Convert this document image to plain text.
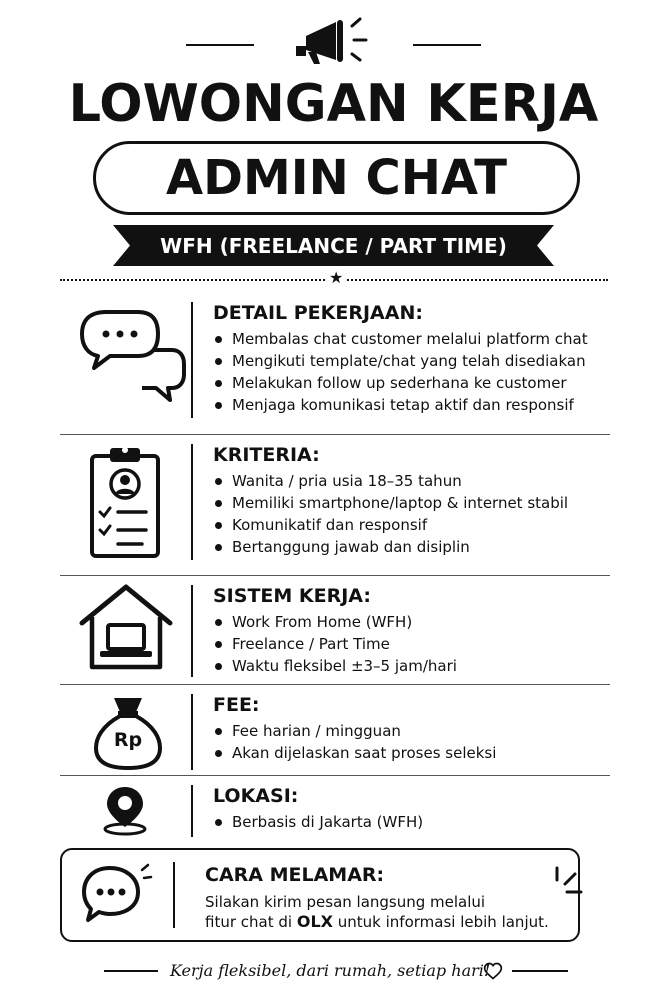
LOWONGAN KERJA
ADMIN CHAT
WFH (FREELANCE / PART TIME)
★
DETAIL PEKERJAAN:
Membalas chat customer melalui platform chat
Mengikuti template/chat yang telah disediakan
Melakukan follow up sederhana ke customer
Menjaga komunikasi tetap aktif dan responsif
KRITERIA:
Wanita / pria usia 18–35 tahun
Memiliki smartphone/laptop & internet stabil
Komunikatif dan responsif
Bertanggung jawab dan disiplin
SISTEM KERJA:
Work From Home (WFH)
Freelance / Part Time
Waktu fleksibel ±3–5 jam/hari
Rp
FEE:
Fee harian / mingguan
Akan dijelaskan saat proses seleksi
LOKASI:
Berbasis di Jakarta (WFH)
CARA MELAMAR:
Silakan kirim pesan langsung melalui
fitur chat di OLX untuk informasi lebih lanjut.
Kerja fleksibel, dari rumah, setiap hari!
